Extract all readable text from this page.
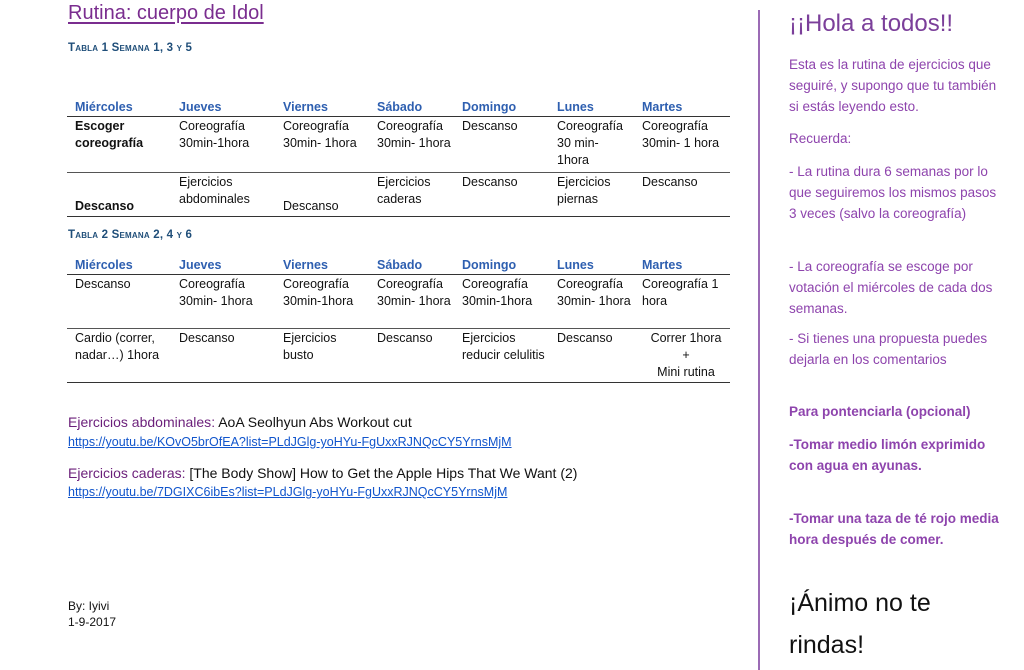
Rutina: cuerpo de Idol
Tabla 1 Semana 1, 3 y 5
Miércoles	Jueves	Viernes	Sábado	Domingo	Lunes	Martes
Escoger coreografía	Coreografía 30min-1hora	Coreografía 30min- 1hora	Coreografía 30min- 1hora	Descanso	Coreografía 30 min- 1hora	Coreografía 30min- 1 hora
Descanso	Ejercicios abdominales	Descanso	Ejercicios caderas	Descanso	Ejercicios piernas	Descanso
Tabla 2 Semana 2, 4 y 6
Miércoles	Jueves	Viernes	Sábado	Domingo	Lunes	Martes
Descanso	Coreografía 30min- 1hora	Coreografía 30min-1hora	Coreografía 30min- 1hora	Coreografía 30min-1hora	Coreografía 30min- 1hora	Coreografía 1 hora
Cardio (correr, nadar…) 1hora	Descanso	Ejercicios busto	Descanso	Ejercicios reducir celulitis	Descanso	Correr 1hora
+
Mini rutina
Ejercicios abdominales: AoA Seolhyun Abs Workout cut
https://youtu.be/KOvO5brOfEA?list=PLdJGlg-yoHYu-FgUxxRJNQcCY5YrnsMjM
Ejercicios caderas: [The Body Show] How to Get the Apple Hips That We Want (2)
https://youtu.be/7DGIXC6ibEs?list=PLdJGlg-yoHYu-FgUxxRJNQcCY5YrnsMjM
By: Iyivi
1-9-2017
¡¡Hola a todos!!
Esta es la rutina de ejercicios que seguiré, y supongo que tu también si estás leyendo esto.
Recuerda:
- La rutina dura 6 semanas por lo que seguiremos los mismos pasos 3 veces (salvo la coreografía)
- La coreografía se escoge por votación el miércoles de cada dos semanas.
- Si tienes una propuesta puedes dejarla en los comentarios
Para pontenciarla (opcional)
-Tomar medio limón exprimido con agua en ayunas.
-Tomar una taza de té rojo media hora después de comer.
¡Ánimo no te rindas!
